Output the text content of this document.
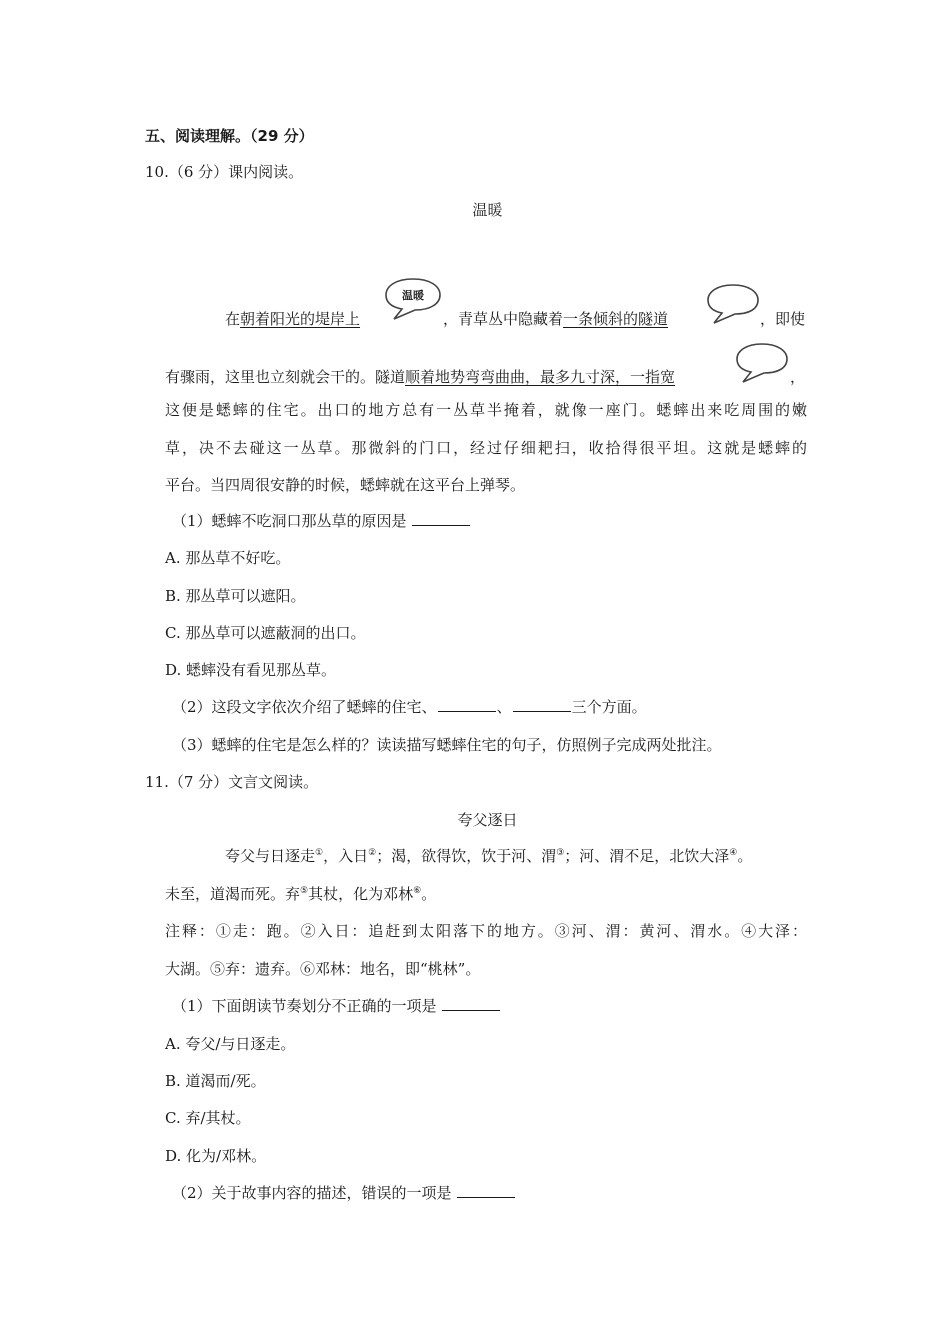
五、阅读理解。（29 分）
10.（6 分）课内阅读。
温暖
温暖
在朝着阳光的堤岸上	，青草丛中隐藏着一条倾斜的隧道	，即使
有骤雨，这里也立刻就会干的。隧道顺着地势弯弯曲曲，最多九寸深，一指宽	，
这便是蟋蟀的住宅。出口的地方总有一丛草半掩着，就像一座门。蟋蟀出来吃周围的嫩
草，决不去碰这一丛草。那微斜的门口，经过仔细耙扫，收拾得很平坦。这就是蟋蟀的
平台。当四周很安静的时候，蟋蟀就在这平台上弹琴。
（1）蟋蟀不吃洞口那丛草的原因是
A. 那丛草不好吃。
B. 那丛草可以遮阳。
C. 那丛草可以遮蔽洞的出口。
D. 蟋蟀没有看见那丛草。
（2）这段文字依次介绍了蟋蟀的住宅、	、	三个方面。
（3）蟋蟀的住宅是怎么样的？读读描写蟋蟀住宅的句子，仿照例子完成两处批注。
11.（7 分）文言文阅读。
夸父逐日
夸父与日逐走①，入日②；渴，欲得饮，饮于河、渭③；河、渭不足，北饮大泽④。
未至，道渴而死。弃⑤其杖，化为邓林⑥。
注释：①走：跑。②入日：追赶到太阳落下的地方。③河、渭：黄河、渭水。④大泽：
大湖。⑤弃：遗弃。⑥邓林：地名，即“桃林”。
（1）下面朗读节奏划分不正确的一项是
A. 夸父/与日逐走。
B. 道渴而/死。
C. 弃/其杖。
D. 化为/邓林。
（2）关于故事内容的描述，错误的一项是
